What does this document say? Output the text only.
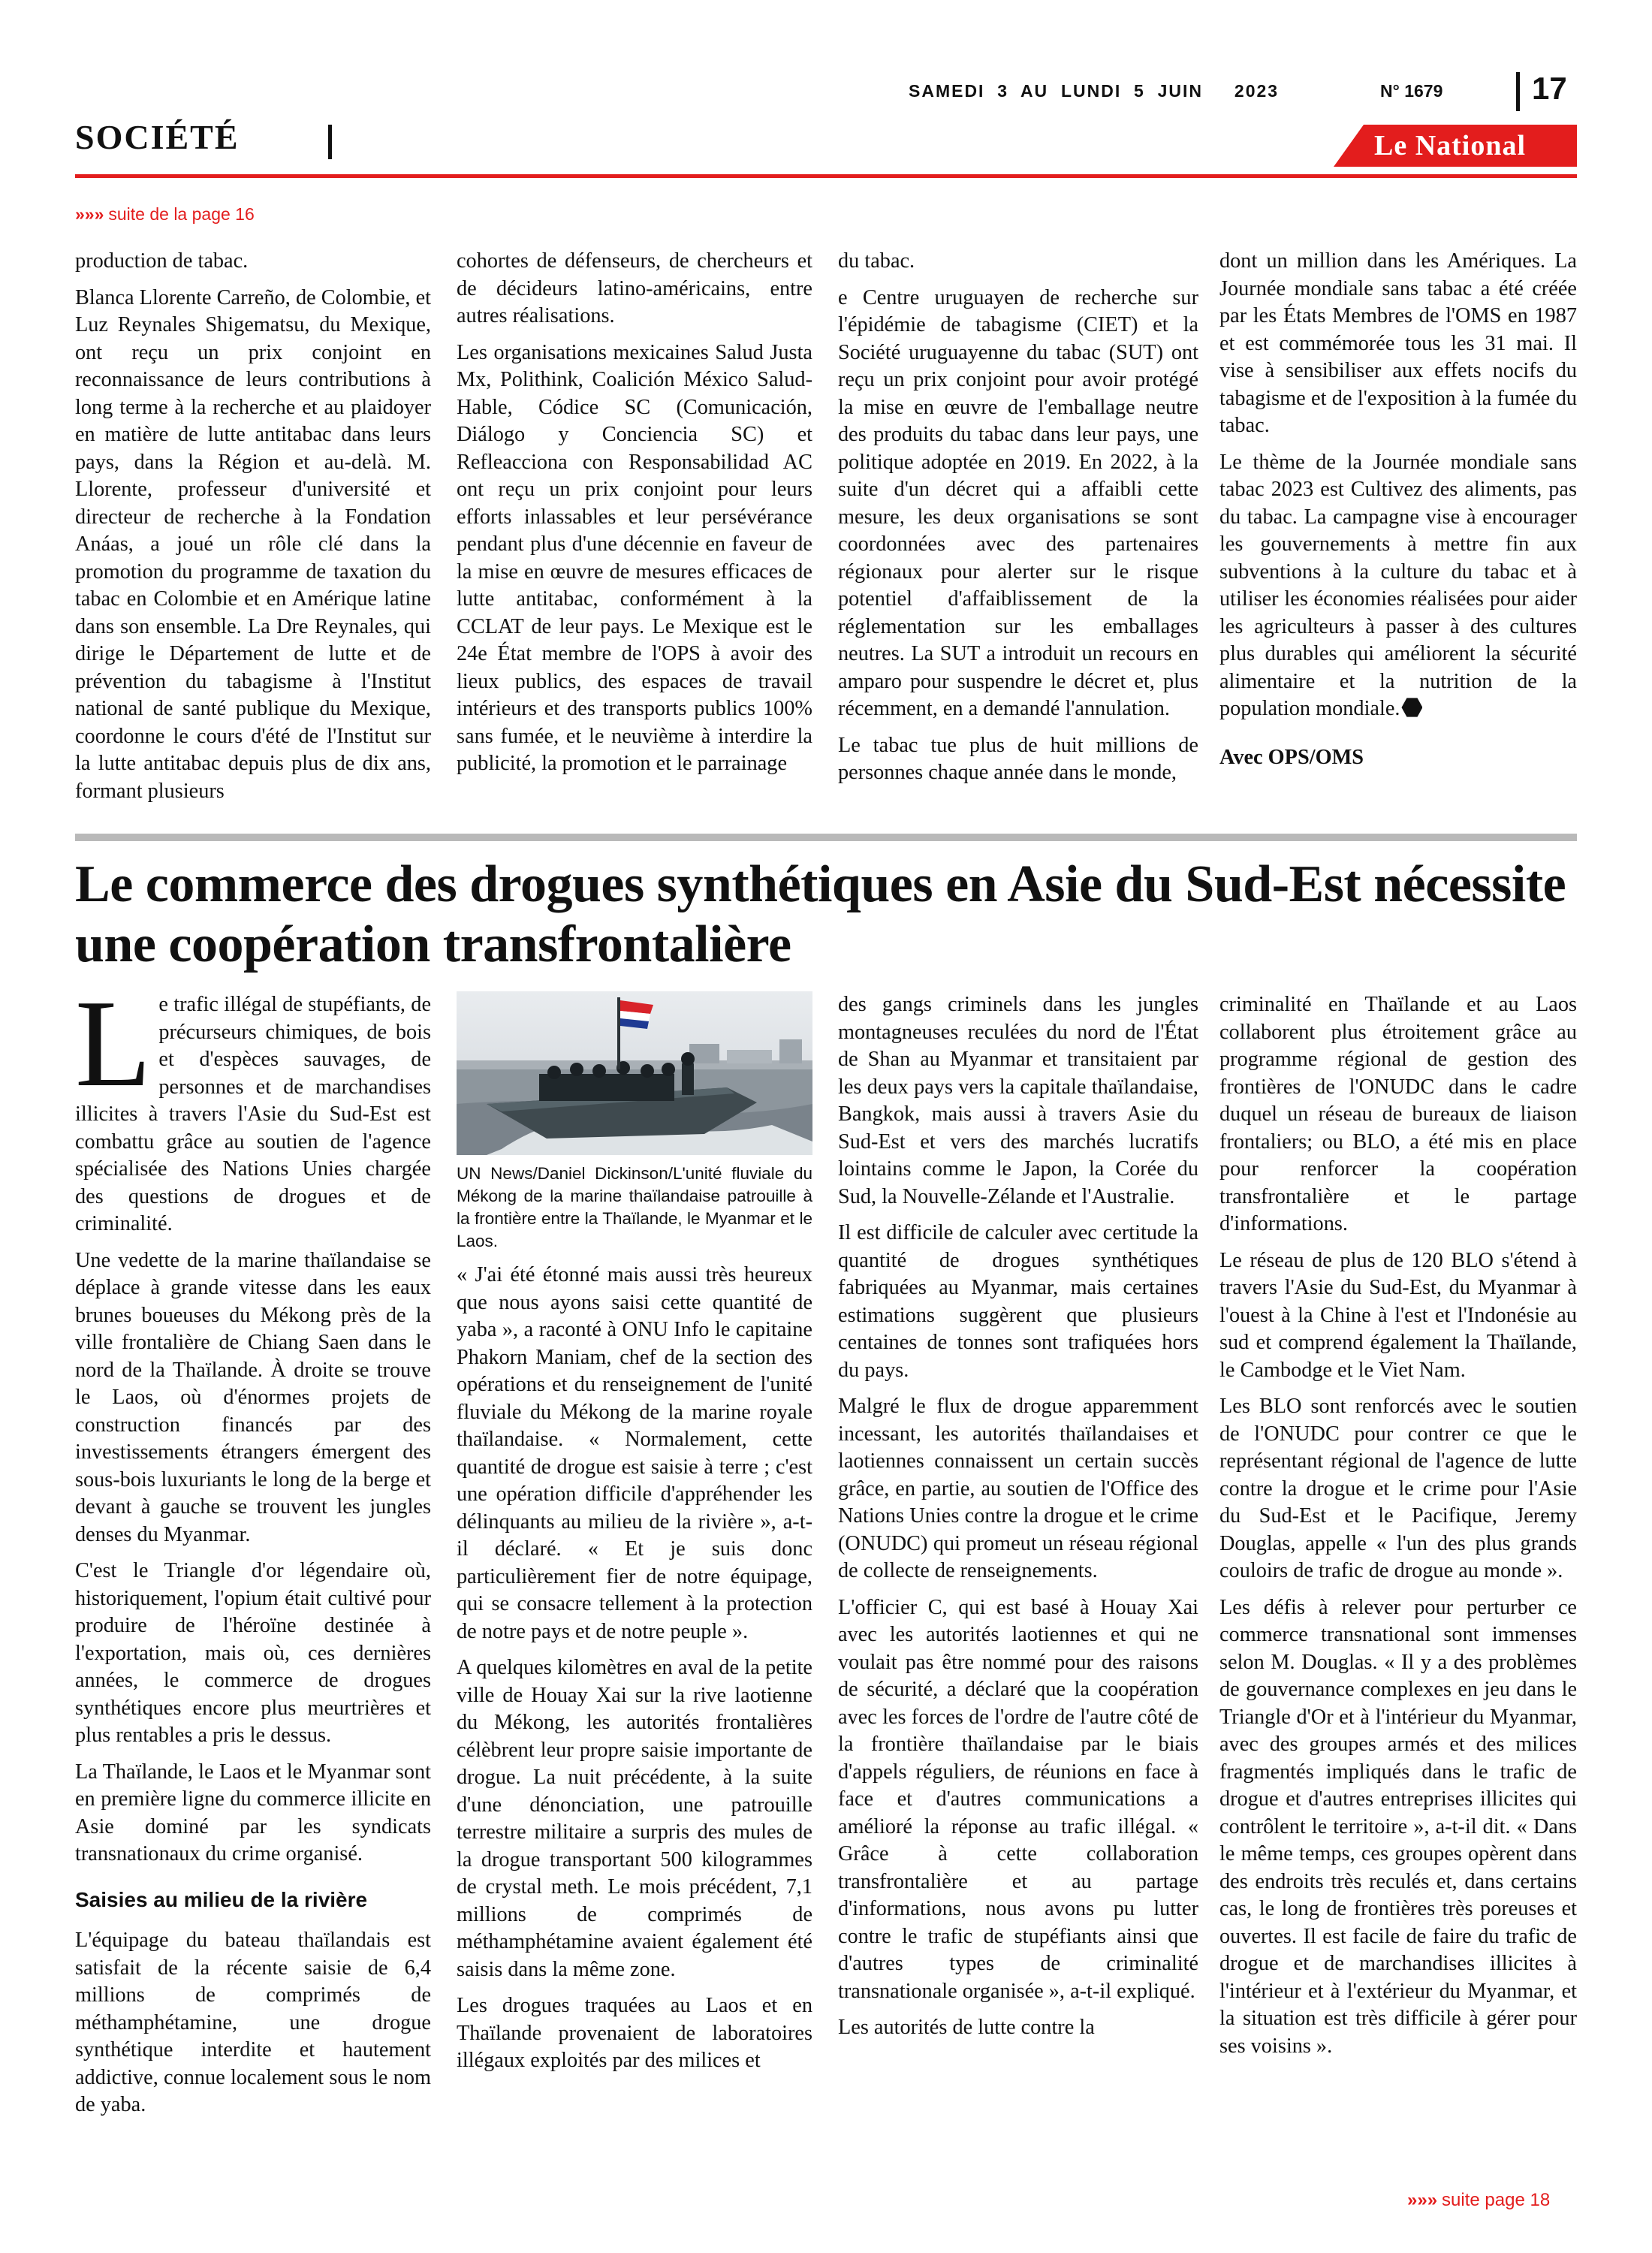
SAMEDI  3  AU  LUNDI  5  JUIN     2023	N° 1679	17
SOCIÉTÉ	Le National
»»» suite de la page 16

production de tabac.

Blanca Llorente Carreño, de Colombie, et Luz Reynales Shigematsu, du Mexique, ont reçu un prix conjoint en reconnaissance de leurs contributions à long terme à la recherche et au plaidoyer en matière de lutte antitabac dans leurs pays, dans la Région et au-delà. M. Llorente, professeur d'université et directeur de recherche à la Fondation Anáas, a joué un rôle clé dans la promotion du programme de taxation du tabac en Colombie et en Amérique latine dans son ensemble. La Dre Reynales, qui dirige le Département de lutte et de prévention du tabagisme à l'Institut national de santé publique du Mexique, coordonne le cours d'été de l'Institut sur la lutte antitabac depuis plus de dix ans, formant plusieurs

cohortes de défenseurs, de chercheurs et de décideurs latino-américains, entre autres réalisations.

Les organisations mexicaines Salud Justa Mx, Polithink, Coalición México Salud-Hable, Códice SC (Comunicación, Diálogo y Conciencia SC) et Refleacciona con Responsabilidad AC ont reçu un prix conjoint pour leurs efforts inlassables et leur persévérance pendant plus d'une décennie en faveur de la mise en œuvre de mesures efficaces de lutte antitabac, conformément à la CCLAT de leur pays. Le Mexique est le 24e État membre de l'OPS à avoir des lieux publics, des espaces de travail intérieurs et des transports publics 100% sans fumée, et le neuvième à interdire la publicité, la promotion et le parrainage

du tabac.

e Centre uruguayen de recherche sur l'épidémie de tabagisme (CIET) et la Société uruguayenne du tabac (SUT) ont reçu un prix conjoint pour avoir protégé la mise en œuvre de l'emballage neutre des produits du tabac dans leur pays, une politique adoptée en 2019. En 2022, à la suite d'un décret qui a affaibli cette mesure, les deux organisations se sont coordonnées avec des partenaires régionaux pour alerter sur le risque potentiel d'affaiblissement de la réglementation sur les emballages neutres. La SUT a introduit un recours en amparo pour suspendre le décret et, plus récemment, en a demandé l'annulation.

Le tabac tue plus de huit millions de personnes chaque année dans le monde,

dont un million dans les Amériques. La Journée mondiale sans tabac a été créée par les États Membres de l'OMS en 1987 et est commémorée tous les 31 mai. Il vise à sensibiliser aux effets nocifs du tabagisme et de l'exposition à la fumée du tabac.

Le thème de la Journée mondiale sans tabac 2023 est Cultivez des aliments, pas du tabac. La campagne vise à encourager les gouvernements à mettre fin aux subventions à la culture du tabac et à utiliser les économies réalisées pour aider les agriculteurs à passer à des cultures plus durables qui améliorent la sécurité alimentaire et la nutrition de la population mondiale.

Avec OPS/OMS

Le commerce des drogues synthétiques en Asie du Sud-Est nécessite une coopération transfrontalière

Le trafic illégal de stupéfiants, de précurseurs chimiques, de bois et d'espèces sauvages, de personnes et de marchandises illicites à travers l'Asie du Sud-Est est combattu grâce au soutien de l'agence spécialisée des Nations Unies chargée des questions de drogues et de criminalité.

Une vedette de la marine thaïlandaise se déplace à grande vitesse dans les eaux brunes boueuses du Mékong près de la ville frontalière de Chiang Saen dans le nord de la Thaïlande. À droite se trouve le Laos, où d'énormes projets de construction financés par des investissements étrangers émergent des sous-bois luxuriants le long de la berge et devant à gauche se trouvent les jungles denses du Myanmar.

C'est le Triangle d'or légendaire où, historiquement, l'opium était cultivé pour produire de l'héroïne destinée à l'exportation, mais où, ces dernières années, le commerce de drogues synthétiques encore plus meurtrières et plus rentables a pris le dessus.

La Thaïlande, le Laos et le Myanmar sont en première ligne du commerce illicite en Asie dominé par les syndicats transnationaux du crime organisé.

Saisies au milieu de la rivière

L'équipage du bateau thaïlandais est satisfait de la récente saisie de 6,4 millions de comprimés de méthamphétamine, une drogue synthétique interdite et hautement addictive, connue localement sous le nom de yaba.

UN News/Daniel Dickinson/L'unité fluviale du Mékong de la marine thaïlandaise patrouille à la frontière entre la Thaïlande, le Myanmar et le Laos.

« J'ai été étonné mais aussi très heureux que nous ayons saisi cette quantité de yaba », a raconté à ONU Info le capitaine Phakorn Maniam, chef de la section des opérations et du renseignement de l'unité fluviale du Mékong de la marine royale thaïlandaise. « Normalement, cette quantité de drogue est saisie à terre ; c'est une opération difficile d'appréhender les délinquants au milieu de la rivière », a-t-il déclaré. « Et je suis donc particulièrement fier de notre équipage, qui se consacre tellement à la protection de notre pays et de notre peuple ».

A quelques kilomètres en aval de la petite ville de Houay Xai sur la rive laotienne du Mékong, les autorités frontalières célèbrent leur propre saisie importante de drogue. La nuit précédente, à la suite d'une dénonciation, une patrouille terrestre militaire a surpris des mules de la drogue transportant 500 kilogrammes de crystal meth. Le mois précédent, 7,1 millions de comprimés de méthamphétamine avaient également été saisis dans la même zone.

Les drogues traquées au Laos et en Thaïlande provenaient de laboratoires illégaux exploités par des milices et

des gangs criminels dans les jungles montagneuses reculées du nord de l'État de Shan au Myanmar et transitaient par les deux pays vers la capitale thaïlandaise, Bangkok, mais aussi à travers Asie du Sud-Est et vers des marchés lucratifs lointains comme le Japon, la Corée du Sud, la Nouvelle-Zélande et l'Australie.

Il est difficile de calculer avec certitude la quantité de drogues synthétiques fabriquées au Myanmar, mais certaines estimations suggèrent que plusieurs centaines de tonnes sont trafiquées hors du pays.

Malgré le flux de drogue apparemment incessant, les autorités thaïlandaises et laotiennes connaissent un certain succès grâce, en partie, au soutien de l'Office des Nations Unies contre la drogue et le crime (ONUDC) qui promeut un réseau régional de collecte de renseignements.

L'officier C, qui est basé à Houay Xai avec les autorités laotiennes et qui ne voulait pas être nommé pour des raisons de sécurité, a déclaré que la coopération avec les forces de l'ordre de l'autre côté de la frontière thaïlandaise par le biais d'appels réguliers, de réunions en face à face et d'autres communications a amélioré la réponse au trafic illégal. « Grâce à cette collaboration transfrontalière et au partage d'informations, nous avons pu lutter contre le trafic de stupéfiants ainsi que d'autres types de criminalité transnationale organisée », a-t-il expliqué.

Les autorités de lutte contre la

criminalité en Thaïlande et au Laos collaborent plus étroitement grâce au programme régional de gestion des frontières de l'ONUDC dans le cadre duquel un réseau de bureaux de liaison frontaliers; ou BLO, a été mis en place pour renforcer la coopération transfrontalière et le partage d'informations.

Le réseau de plus de 120 BLO s'étend à travers l'Asie du Sud-Est, du Myanmar à l'ouest à la Chine à l'est et l'Indonésie au sud et comprend également la Thaïlande, le Cambodge et le Viet Nam.

Les BLO sont renforcés avec le soutien de l'ONUDC pour contrer ce que le représentant régional de l'agence de lutte contre la drogue et le crime pour l'Asie du Sud-Est et le Pacifique, Jeremy Douglas, appelle « l'un des plus grands couloirs de trafic de drogue au monde ».

Les défis à relever pour perturber ce commerce transnational sont immenses selon M. Douglas. « Il y a des problèmes de gouvernance complexes en jeu dans le Triangle d'Or et à l'intérieur du Myanmar, avec des groupes armés et des milices fragmentés impliqués dans le trafic de drogue et d'autres entreprises illicites qui contrôlent le territoire », a-t-il dit. « Dans le même temps, ces groupes opèrent dans des endroits très reculés et, dans certains cas, le long de frontières très poreuses et ouvertes. Il est facile de faire du trafic de drogue et de marchandises illicites à l'intérieur et à l'extérieur du Myanmar, et la situation est très difficile à gérer pour ses voisins ».

»»» suite page 18
